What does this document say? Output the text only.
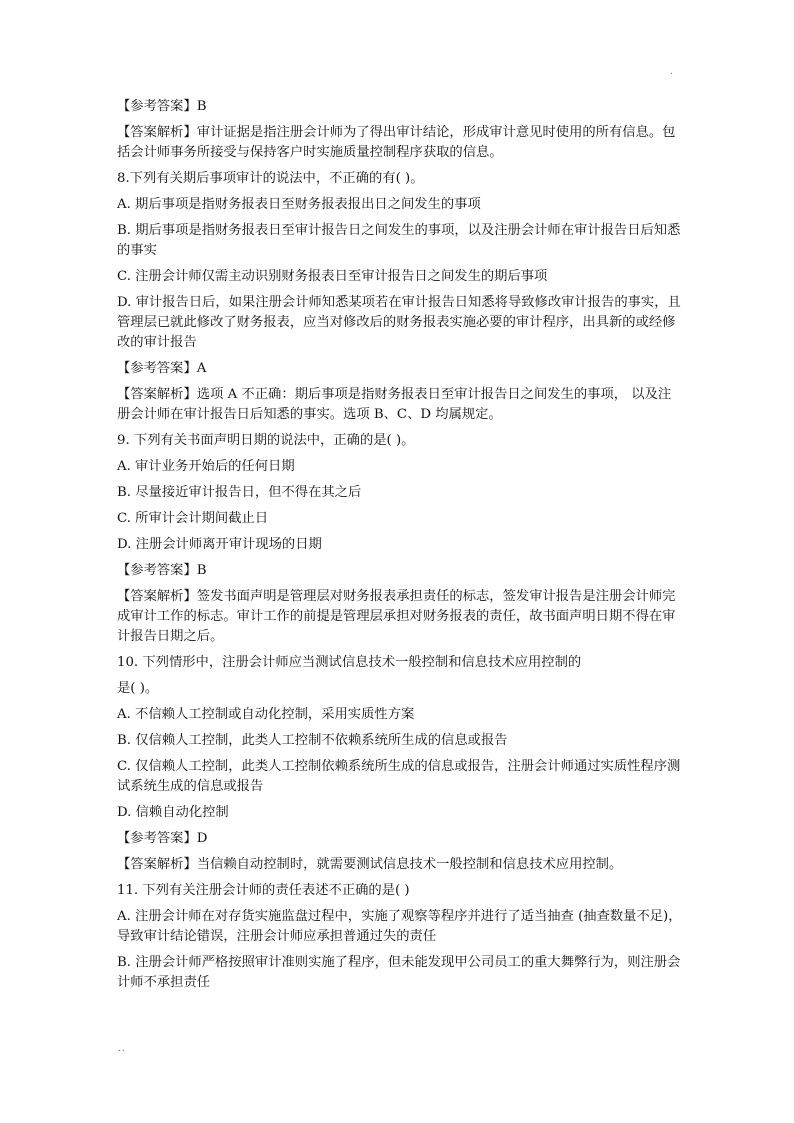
.

【参考答案】B

【答案解析】审计证据是指注册会计师为了得出审计结论，形成审计意见时使用的所有信息。包括会计师事务所接受与保持客户时实施质量控制程序获取的信息。

8.下列有关期后事项审计的说法中，不正确的有( )。

A. 期后事项是指财务报表日至财务报表报出日之间发生的事项

B. 期后事项是指财务报表日至审计报告日之间发生的事项，以及注册会计师在审计报告日后知悉的事实

C. 注册会计师仅需主动识别财务报表日至审计报告日之间发生的期后事项

D. 审计报告日后，如果注册会计师知悉某项若在审计报告日知悉将导致修改审计报告的事实，且管理层已就此修改了财务报表，应当对修改后的财务报表实施必要的审计程序，出具新的或经修改的审计报告

【参考答案】A

【答案解析】选项 A 不正确：期后事项是指财务报表日至审计报告日之间发生的事项， 以及注册会计师在审计报告日后知悉的事实。选项 B、C、D 均属规定。

9. 下列有关书面声明日期的说法中，正确的是( )。

A. 审计业务开始后的任何日期

B. 尽量接近审计报告日，但不得在其之后

C. 所审计会计期间截止日

D. 注册会计师离开审计现场的日期

【参考答案】B

【答案解析】签发书面声明是管理层对财务报表承担责任的标志，签发审计报告是注册会计师完成审计工作的标志。审计工作的前提是管理层承担对财务报表的责任，故书面声明日期不得在审计报告日期之后。

10. 下列情形中，注册会计师应当测试信息技术一般控制和信息技术应用控制的

是( )。

A. 不信赖人工控制或自动化控制，采用实质性方案

B. 仅信赖人工控制，此类人工控制不依赖系统所生成的信息或报告

C. 仅信赖人工控制，此类人工控制依赖系统所生成的信息或报告，注册会计师通过实质性程序测试系统生成的信息或报告

D. 信赖自动化控制

【参考答案】D

【答案解析】当信赖自动控制时，就需要测试信息技术一般控制和信息技术应用控制。

11. 下列有关注册会计师的责任表述不正确的是( )

A. 注册会计师在对存货实施监盘过程中，实施了观察等程序并进行了适当抽查 (抽查数量不足)，导致审计结论错误，注册会计师应承担普通过失的责任

B. 注册会计师严格按照审计准则实施了程序，但未能发现甲公司员工的重大舞弊行为，则注册会计师不承担责任

..
